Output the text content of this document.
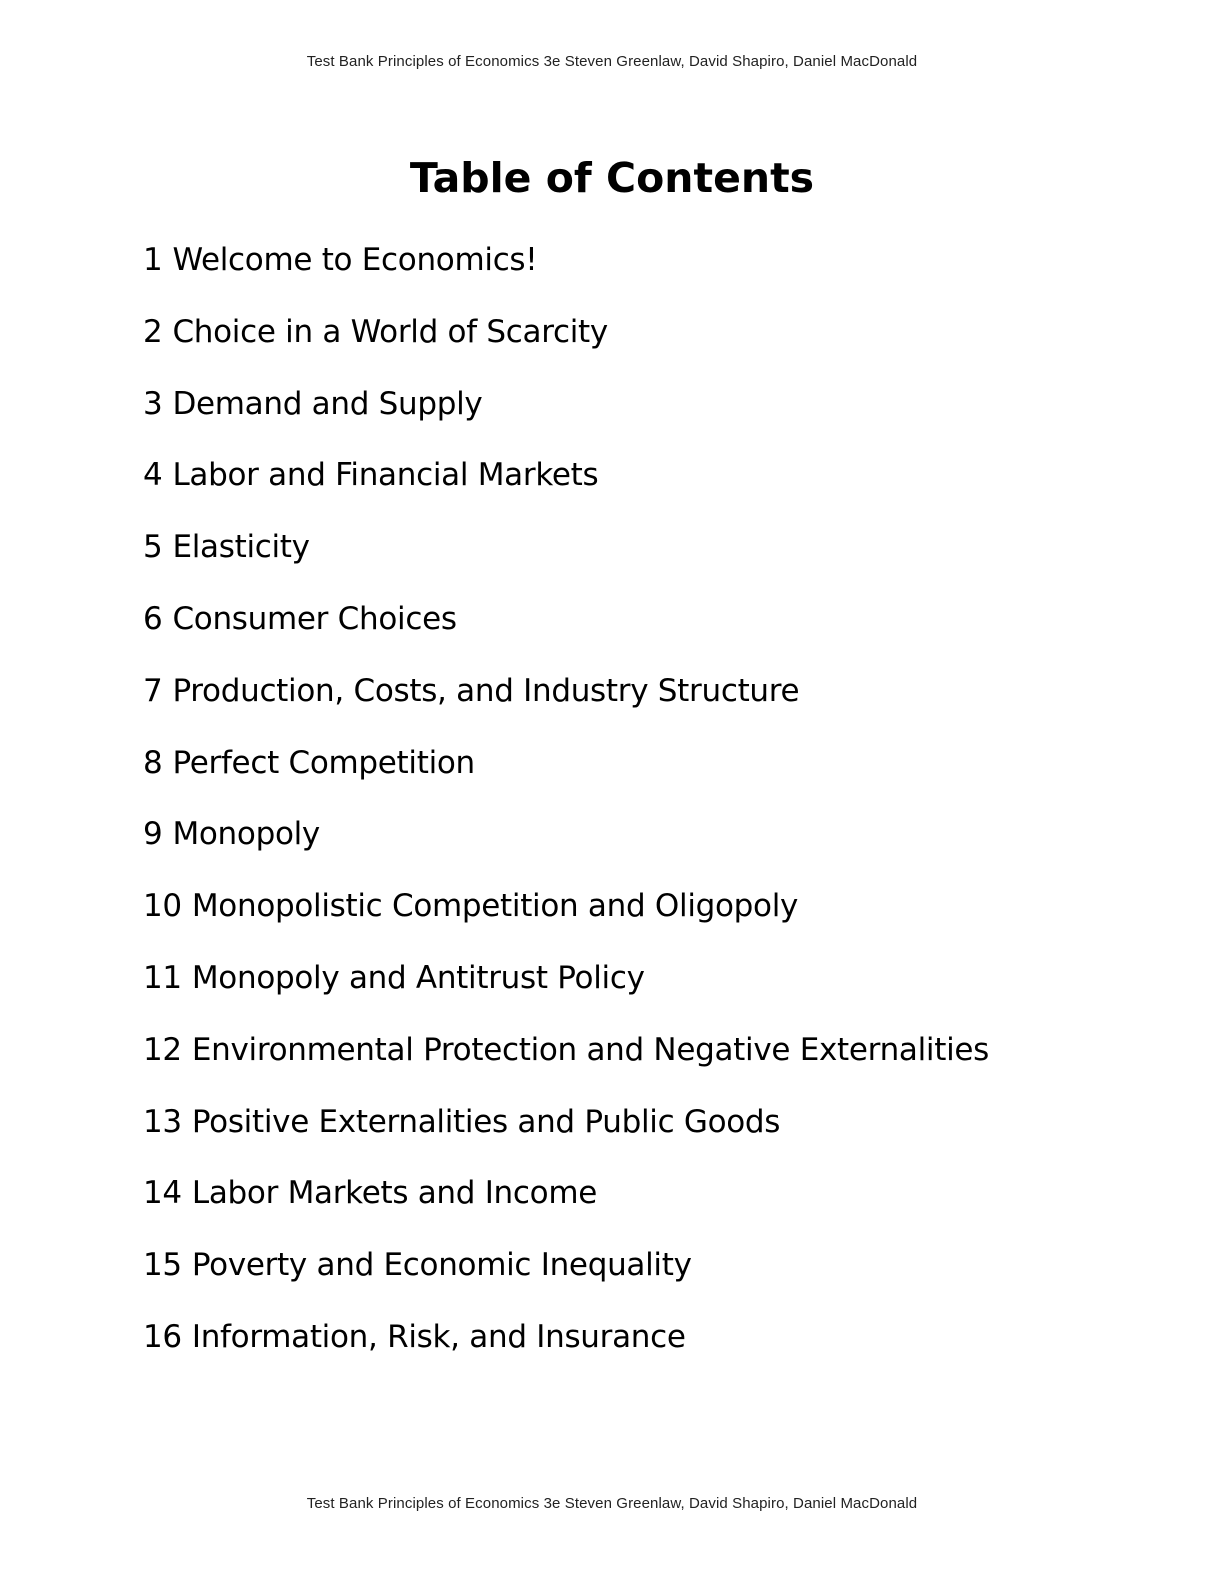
Test Bank Principles of Economics 3e Steven Greenlaw, David Shapiro, Daniel MacDonald
Table of Contents
1 Welcome to Economics!
2 Choice in a World of Scarcity
3 Demand and Supply
4 Labor and Financial Markets
5 Elasticity
6 Consumer Choices
7 Production, Costs, and Industry Structure
8 Perfect Competition
9 Monopoly
10 Monopolistic Competition and Oligopoly
11 Monopoly and Antitrust Policy
12 Environmental Protection and Negative Externalities
13 Positive Externalities and Public Goods
14 Labor Markets and Income
15 Poverty and Economic Inequality
16 Information, Risk, and Insurance
Test Bank Principles of Economics 3e Steven Greenlaw, David Shapiro, Daniel MacDonald
